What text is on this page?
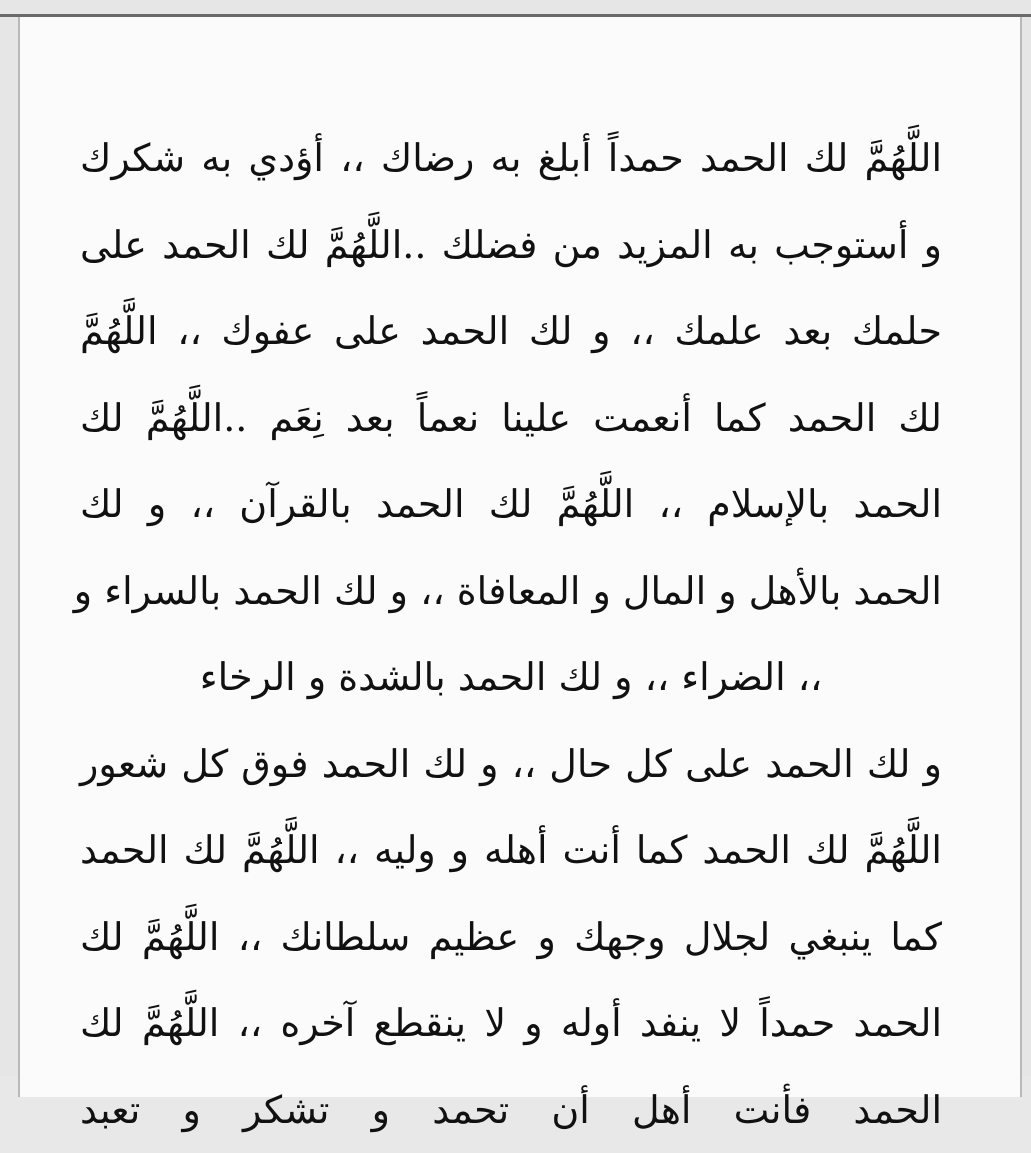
اللَّهُمَّ لك الحمد حمداً أبلغ به رضاك ،، أؤدي به شكرك
و أستوجب به المزيد من فضلك ..اللَّهُمَّ لك الحمد على
حلمك بعد علمك ،، و لك الحمد على عفوك ،، اللَّهُمَّ
لك الحمد كما أنعمت علينا نعماً بعد نِعَم ..اللَّهُمَّ لك
الحمد بالإسلام ،، اللَّهُمَّ لك الحمد بالقرآن ،، و لك
الحمد بالأهل و المال و المعافاة ،، و لك الحمد بالسراء و
،، الضراء ،، و لك الحمد بالشدة و الرخاء
و لك الحمد على كل حال ،، و لك الحمد فوق كل شعور
اللَّهُمَّ لك الحمد كما أنت أهله و وليه ،، اللَّهُمَّ لك الحمد
كما ينبغي لجلال وجهك و عظيم سلطانك ،، اللَّهُمَّ لك
الحمد حمداً لا ينفد أوله و لا ينقطع آخره ،، اللَّهُمَّ لك
الحمد فأنت أهل أن تحمد و تشكر و تعبد
